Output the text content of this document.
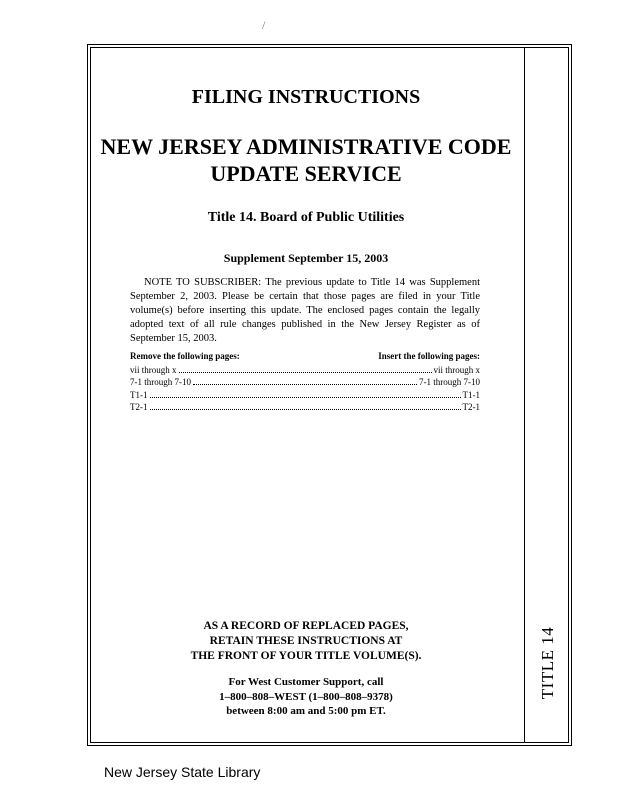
TITLE 14
/
FILING INSTRUCTIONS
NEW JERSEY ADMINISTRATIVE CODE
UPDATE SERVICE
Title 14. Board of Public Utilities
Supplement September 15, 2003
NOTE TO SUBSCRIBER: The previous update to Title 14 was Supplement September 2, 2003. Please be certain that those pages are filed in your Title volume(s) before inserting this update. The enclosed pages contain the legally adopted text of all rule changes published in the New Jersey Register as of September 15, 2003.
Remove the following pages:	Insert the following pages:
vii through x	vii through x
7-1 through 7-10	7-1 through 7-10
T1-1	T1-1
T2-1	T2-1
AS A RECORD OF REPLACED PAGES,
RETAIN THESE INSTRUCTIONS AT
THE FRONT OF YOUR TITLE VOLUME(S).
For West Customer Support, call
1–800–808–WEST (1–800–808–9378)
between 8:00 am and 5:00 pm ET.
New Jersey State Library
